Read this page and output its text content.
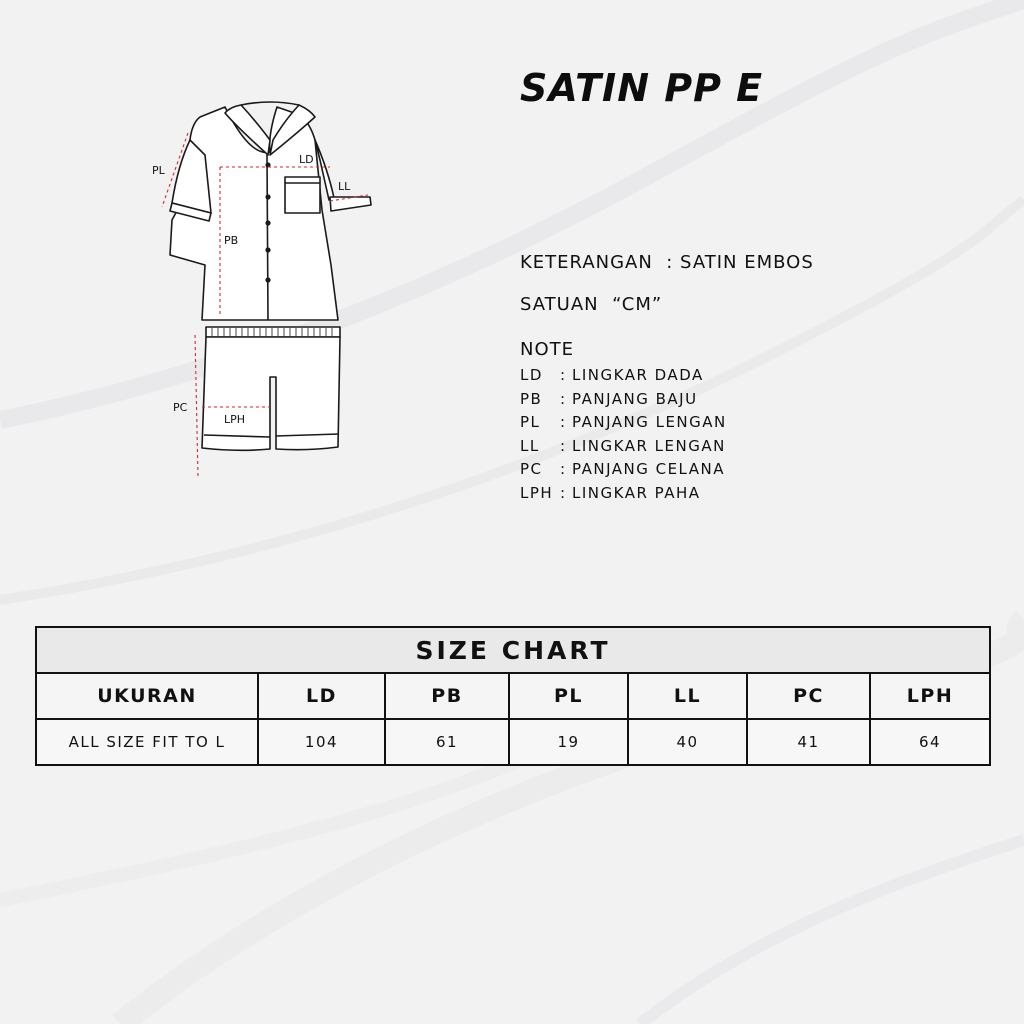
SATIN PP E

KETERANGAN  : SATIN EMBOS

SATUAN  “CM”

NOTE

LD	: LINGKAR DADA
PB	: PANJANG BAJU
PL	: PANJANG LENGAN
LL	: LINGKAR LENGAN
PC	: PANJANG CELANA
LPH : LINGKAR PAHA
PL
LD
LL
PB
PC
LPH
SIZE CHART						
UKURAN	LD	PB	PL	LL	PC	LPH
ALL SIZE FIT TO L	104	61	19	40	41	64
